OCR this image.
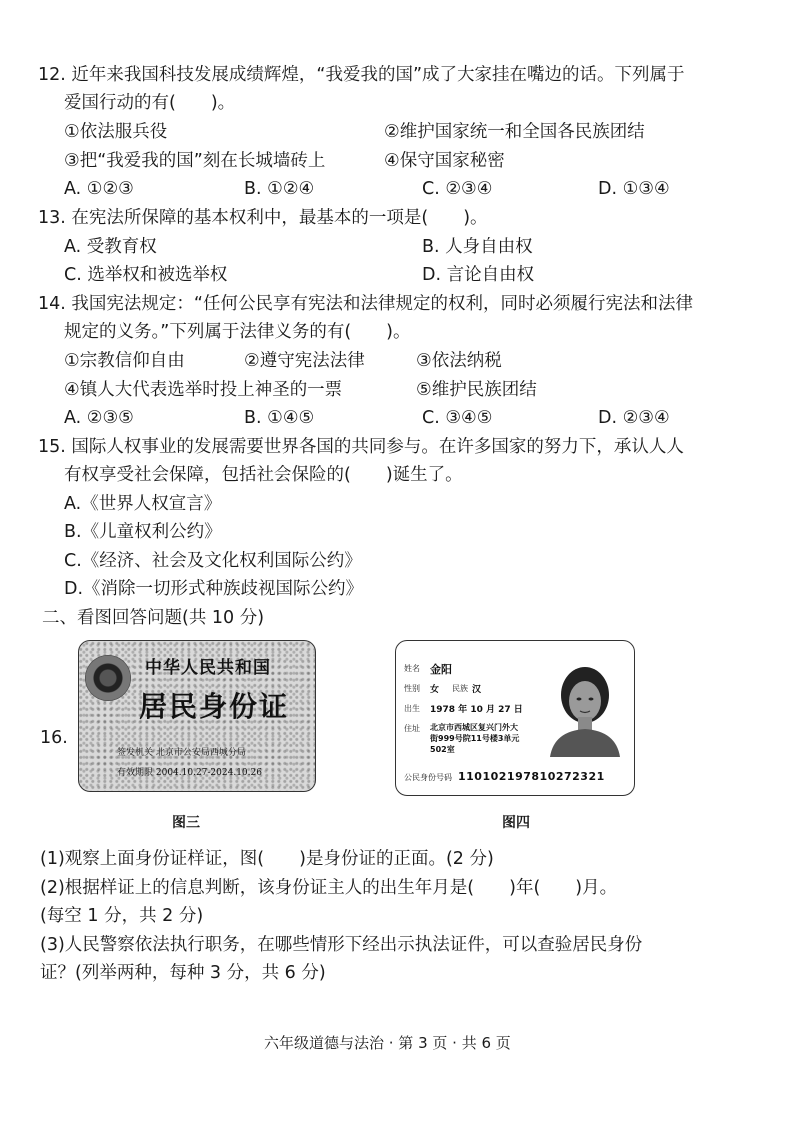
12. 近年来我国科技发展成绩辉煌，“我爱我的国”成了大家挂在嘴边的话。下列属于
爱国行动的有(　　)。
①依法服兵役	②维护国家统一和全国各民族团结
③把“我爱我的国”刻在长城墙砖上	④保守国家秘密
A. ①②③	B. ①②④	C. ②③④	D. ①③④
13. 在宪法所保障的基本权利中，最基本的一项是(　　)。
A. 受教育权	B. 人身自由权
C. 选举权和被选举权	D. 言论自由权
14. 我国宪法规定：“任何公民享有宪法和法律规定的权利，同时必须履行宪法和法律
规定的义务。”下列属于法律义务的有(　　)。
①宗教信仰自由	②遵守宪法法律	③依法纳税
④镇人大代表选举时投上神圣的一票	⑤维护民族团结
A. ②③⑤	B. ①④⑤	C. ③④⑤	D. ②③④
15. 国际人权事业的发展需要世界各国的共同参与。在许多国家的努力下，承认人人
有权享受社会保障，包括社会保险的(　　)诞生了。
A.《世界人权宣言》
B.《儿童权利公约》
C.《经济、社会及文化权利国际公约》
D.《消除一切形式种族歧视国际公约》
二、看图回答问题(共 10 分)
16.
中华人民共和国
居民身份证
签发机关 北京市公安局西城分局
有效期限 2004.10.27-2024.10.26
姓名 金阳
性别 女 民族 汉
出生 1978 年 10 月 27 日
住址 北京市西城区复兴门外大
街999号院11号楼3单元
502室
公民身份号码 110102197810272321
图三	图四
(1)观察上面身份证样证，图(　　)是身份证的正面。(2 分)
(2)根据样证上的信息判断，该身份证主人的出生年月是(　　)年(　　)月。
(每空 1 分，共 2 分)
(3)人民警察依法执行职务，在哪些情形下经出示执法证件，可以查验居民身份
证？(列举两种，每种 3 分，共 6 分)
六年级道德与法治 · 第 3 页 · 共 6 页
